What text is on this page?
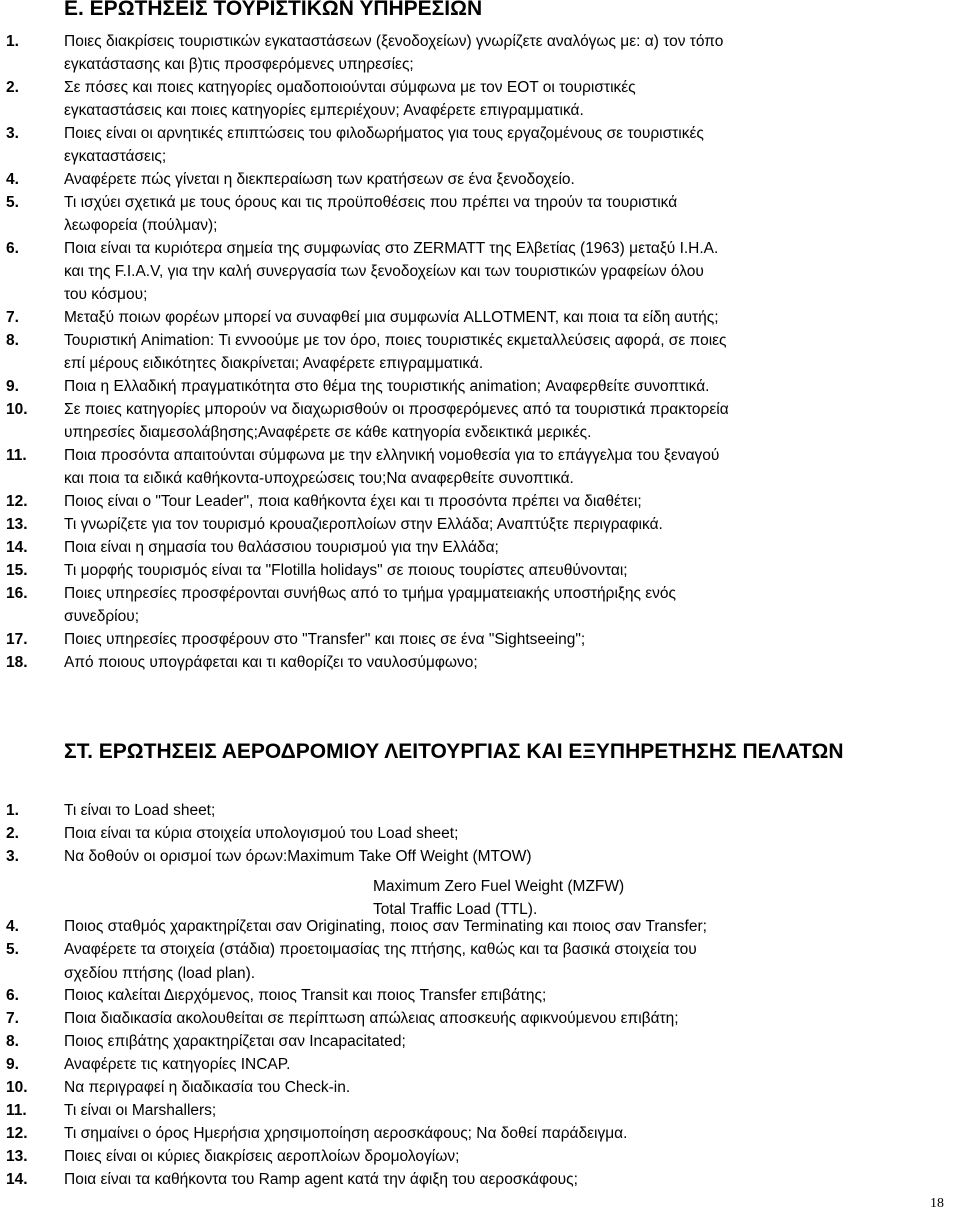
Ε. ΕΡΩΤΗΣΕΙΣ ΤΟΥΡΙΣΤΙΚΩΝ ΥΠΗΡΕΣΙΩΝ
1.	Ποιες διακρίσεις τουριστικών εγκαταστάσεων (ξενοδοχείων) γνωρίζετε αναλόγως με: α) τον τόπο
εγκατάστασης και β)τις προσφερόμενες υπηρεσίες;
2.	Σε πόσες και ποιες κατηγορίες ομαδοποιούνται σύμφωνα με τον ΕΟΤ οι τουριστικές
εγκαταστάσεις και ποιες κατηγορίες εμπεριέχουν; Αναφέρετε επιγραμματικά.
3.	Ποιες είναι οι αρνητικές επιπτώσεις του φιλοδωρήματος για τους εργαζομένους σε τουριστικές
εγκαταστάσεις;
4.	Αναφέρετε πώς γίνεται η διεκπεραίωση των κρατήσεων σε ένα ξενοδοχείο.
5.	Τι ισχύει σχετικά με τους όρους και τις προϋποθέσεις που πρέπει να τηρούν τα τουριστικά
λεωφορεία (πούλμαν);
6.	Ποια είναι τα κυριότερα σημεία της συμφωνίας στο ZERMATT της Ελβετίας (1963) μεταξύ I.H.A.
και της F.I.A.V, για την καλή συνεργασία των ξενοδοχείων και των τουριστικών γραφείων όλου
του κόσμου;
7.	Μεταξύ ποιων φορέων μπορεί να συναφθεί μια συμφωνία ALLOTMENT, και ποια τα είδη αυτής;
8.	Τουριστική Animation: Τι εννοούμε με τον όρο, ποιες τουριστικές εκμεταλλεύσεις αφορά, σε ποιες
επί μέρους ειδικότητες διακρίνεται; Αναφέρετε επιγραμματικά.
9.	Ποια η Ελλαδική πραγματικότητα στο θέμα της τουριστικής animation; Αναφερθείτε συνοπτικά.
10. Σε ποιες κατηγορίες μπορούν να διαχωρισθούν οι προσφερόμενες από τα τουριστικά πρακτορεία
υπηρεσίες διαμεσολάβησης;Αναφέρετε σε κάθε κατηγορία ενδεικτικά μερικές.
11. Ποια προσόντα απαιτούνται σύμφωνα με την ελληνική νομοθεσία για το επάγγελμα του ξεναγού
και ποια τα ειδικά καθήκοντα-υποχρεώσεις του;Να αναφερθείτε συνοπτικά.
12. Ποιος είναι ο "Tour Leader", ποια καθήκοντα έχει και τι προσόντα πρέπει να διαθέτει;
13. Τι γνωρίζετε για τον τουρισμό κρουαζιεροπλοίων στην Ελλάδα; Αναπτύξτε περιγραφικά.
14. Ποια είναι η σημασία του θαλάσσιου τουρισμού για την Ελλάδα;
15. Τι μορφής τουρισμός είναι τα "Flotilla holidays" σε ποιους τουρίστες απευθύνονται;
16. Ποιες υπηρεσίες προσφέρονται συνήθως από το τμήμα γραμματειακής υποστήριξης ενός
συνεδρίου;
17. Ποιες υπηρεσίες προσφέρουν στο "Transfer" και ποιες σε ένα "Sightseeing";
18. Από ποιους υπογράφεται και τι καθορίζει το ναυλοσύμφωνο;
ΣΤ. ΕΡΩΤΗΣΕΙΣ ΑΕΡΟΔΡΟΜΙΟΥ ΛΕΙΤΟΥΡΓΙΑΣ ΚΑΙ ΕΞΥΠΗΡΕΤΗΣΗΣ ΠΕΛΑΤΩΝ
1.	Τι είναι το Load sheet;
2.	Ποια είναι τα κύρια στοιχεία υπολογισμού του Load sheet;
3.	Να δοθούν οι ορισμοί των όρων:Maximum Take Off Weight (MTOW)
4.	Ποιος σταθμός χαρακτηρίζεται σαν Originating, ποιος σαν Terminating και ποιος σαν Transfer;
5.	Αναφέρετε τα στοιχεία (στάδια) προετοιμασίας της πτήσης, καθώς και τα βασικά στοιχεία του
σχεδίου πτήσης (load plan).
6.	Ποιος καλείται Διερχόμενος, ποιος Transit και ποιος Transfer επιβάτης;
7.	Ποια διαδικασία ακολουθείται σε περίπτωση απώλειας αποσκευής αφικνούμενου επιβάτη;
8.	Ποιος επιβάτης χαρακτηρίζεται σαν Incapacitated;
9.	Αναφέρετε τις κατηγορίες INCAP.
10. Να περιγραφεί η διαδικασία του Check-in.
11. Τι είναι οι Marshallers;
12. Τι σημαίνει ο όρος Ημερήσια χρησιμοποίηση αεροσκάφους; Να δοθεί παράδειγμα.
13. Ποιες είναι οι κύριες διακρίσεις αεροπλοίων δρομολογίων;
14. Ποια είναι τα καθήκοντα του Ramp agent κατά την άφιξη του αεροσκάφους;
Maximum Zero Fuel Weight (MZFW)
Total Traffic Load (TTL).
18
